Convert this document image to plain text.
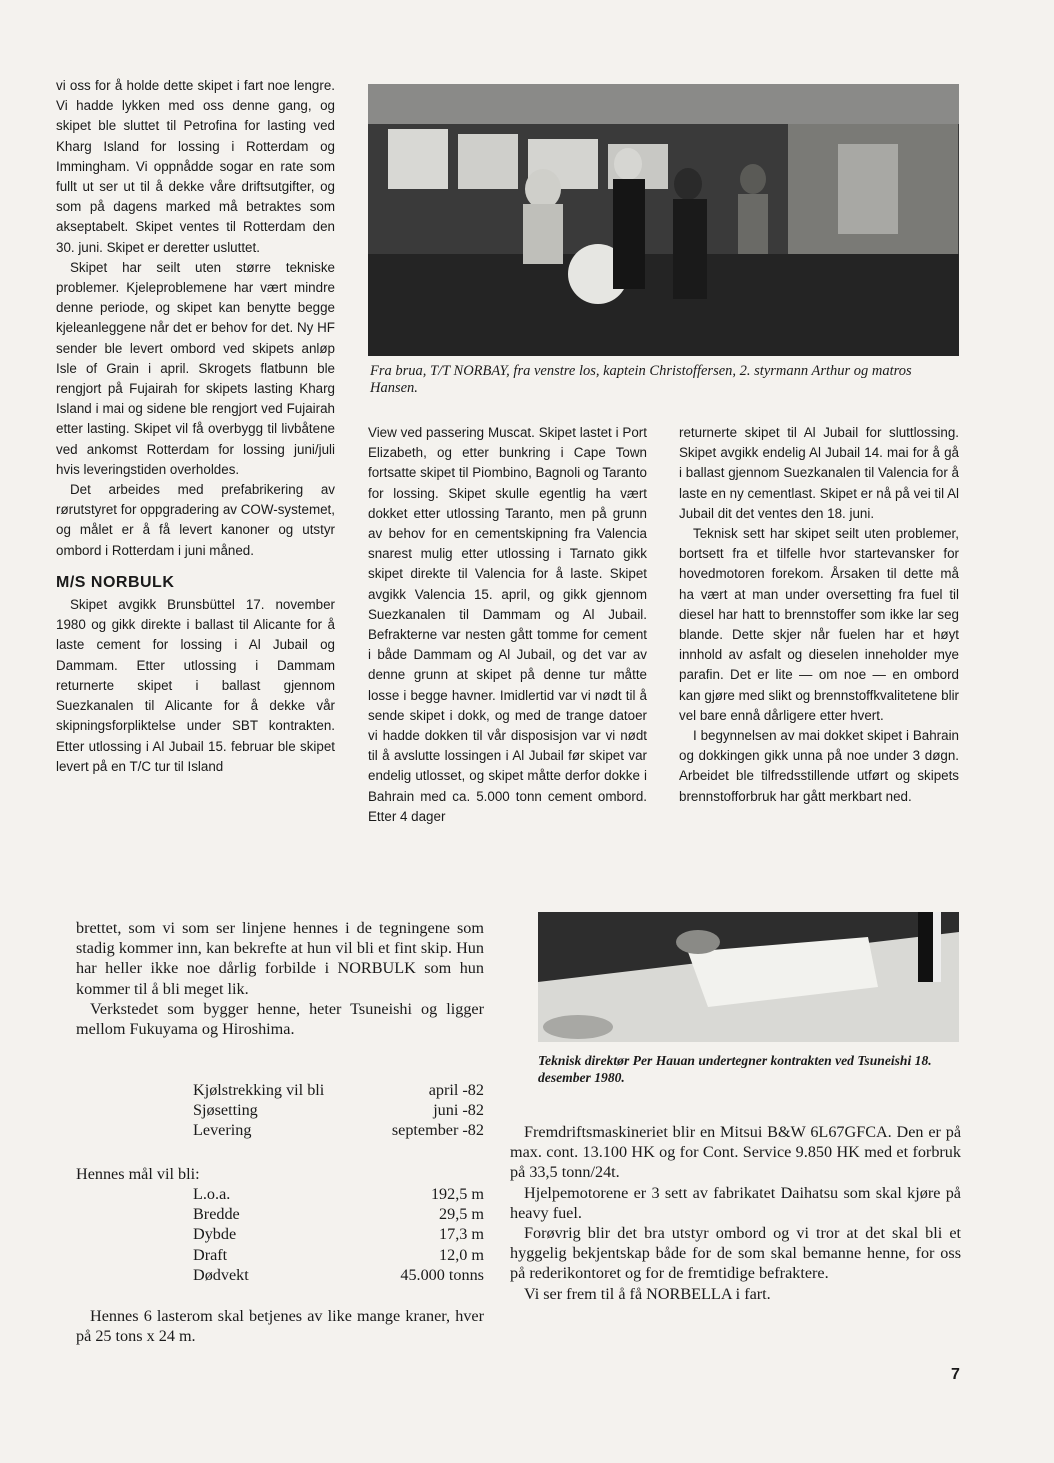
vi oss for å holde dette skipet i fart noe lengre. Vi hadde lykken med oss denne gang, og skipet ble sluttet til Petrofina for lasting ved Kharg Island for lossing i Rotterdam og Immingham. Vi oppnådde sogar en rate som fullt ut ser ut til å dekke våre driftsutgifter, og som på dagens marked må betraktes som akseptabelt. Skipet ventes til Rotterdam den 30. juni. Skipet er deretter usluttet.

Skipet har seilt uten større tekniske problemer. Kjeleproblemene har vært mindre denne periode, og skipet kan benytte begge kjeleanleggene når det er behov for det. Ny HF sender ble levert ombord ved skipets anløp Isle of Grain i april. Skrogets flatbunn ble rengjort på Fujairah for skipets lasting Kharg Island i mai og sidene ble rengjort ved Fujairah etter lasting. Skipet vil få overbygg til livbåtene ved ankomst Rotterdam for lossing juni/juli hvis leveringstiden overholdes.

Det arbeides med prefabrikering av rørutstyret for oppgradering av COW-systemet, og målet er å få levert kanoner og utstyr ombord i Rotterdam i juni måned.

M/S NORBULK

Skipet avgikk Brunsbüttel 17. november 1980 og gikk direkte i ballast til Alicante for å laste cement for lossing i Al Jubail og Dammam. Etter utlossing i Dammam returnerte skipet i ballast gjennom Suezkanalen til Alicante for å dekke vår skipningsforpliktelse under SBT kontrakten. Etter utlossing i Al Jubail 15. februar ble skipet levert på en T/C tur til Island

Fra brua, T/T NORBAY, fra venstre los, kaptein Christoffersen, 2. styrmann Arthur og matros Hansen.

View ved passering Muscat. Skipet lastet i Port Elizabeth, og etter bunkring i Cape Town fortsatte skipet til Piombino, Bagnoli og Taranto for lossing. Skipet skulle egentlig ha vært dokket etter utlossing Taranto, men på grunn av behov for en cementskipning fra Valencia snarest mulig etter utlossing i Tarnato gikk skipet direkte til Valencia for å laste. Skipet avgikk Valencia 15. april, og gikk gjennom Suezkanalen til Dammam og Al Jubail. Befrakterne var nesten gått tomme for cement i både Dammam og Al Jubail, og det var av denne grunn at skipet på denne tur måtte losse i begge havner. Imidlertid var vi nødt til å sende skipet i dokk, og med de trange datoer vi hadde dokken til vår disposisjon var vi nødt til å avslutte lossingen i Al Jubail før skipet var endelig utlosset, og skipet måtte derfor dokke i Bahrain med ca. 5.000 tonn cement ombord. Etter 4 dager

returnerte skipet til Al Jubail for sluttlossing. Skipet avgikk endelig Al Jubail 14. mai for å gå i ballast gjennom Suezkanalen til Valencia for å laste en ny cementlast. Skipet er nå på vei til Al Jubail dit det ventes den 18. juni.

Teknisk sett har skipet seilt uten problemer, bortsett fra et tilfelle hvor startevansker for hovedmotoren forekom. Årsaken til dette må ha vært at man under oversetting fra fuel til diesel har hatt to brennstoffer som ikke lar seg blande. Dette skjer når fuelen har et høyt innhold av asfalt og dieselen inneholder mye parafin. Det er lite — om noe — en ombord kan gjøre med slikt og brennstoffkvalitetene blir vel bare ennå dårligere etter hvert.

I begynnelsen av mai dokket skipet i Bahrain og dokkingen gikk unna på noe under 3 døgn. Arbeidet ble tilfredsstillende utført og skipets brennstofforbruk har gått merkbart ned.

Teknisk direktør Per Hauan undertegner kontrakten ved Tsuneishi 18. desember 1980.

brettet, som vi som ser linjene hennes i de tegningene som stadig kommer inn, kan bekrefte at hun vil bli et fint skip. Hun har heller ikke noe dårlig forbilde i NORBULK som hun kommer til å bli meget lik.

Verkstedet som bygger henne, heter Tsuneishi og ligger mellom Fukuyama og Hiroshima.

Kjølstrekking vil bli	april -82
Sjøsetting	juni -82
Levering	september -82
Hennes mål vil bli:
L.o.a.	192,5 m
Bredde	29,5 m
Dybde	17,3 m
Draft	12,0 m
Dødvekt	45.000 tonns

Hennes 6 lasterom skal betjenes av like mange kraner, hver på 25 tons x 24 m.

Fremdriftsmaskineriet blir en Mitsui B&W 6L67GFCA. Den er på max. cont. 13.100 HK og for Cont. Service 9.850 HK med et forbruk på 33,5 tonn/24t.

Hjelpemotorene er 3 sett av fabrikatet Daihatsu som skal kjøre på heavy fuel.

Forøvrig blir det bra utstyr ombord og vi tror at det skal bli et hyggelig bekjentskap både for de som skal bemanne henne, for oss på rederikontoret og for de fremtidige befraktere.

Vi ser frem til å få NORBELLA i fart.

7
